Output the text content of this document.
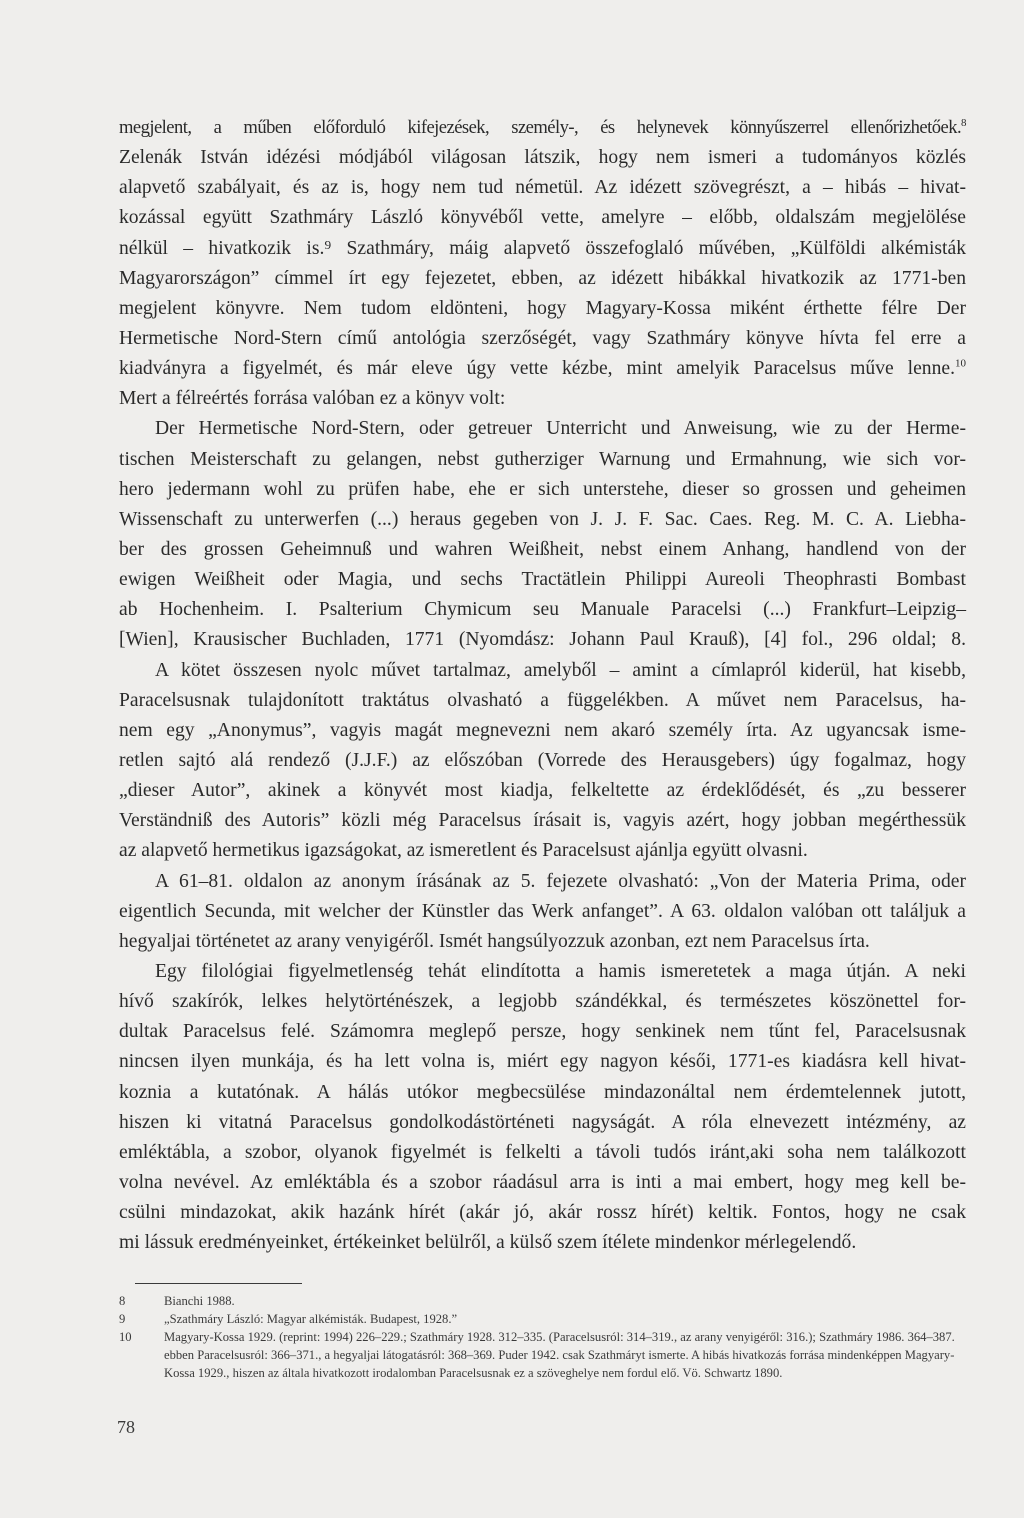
megjelent, a műben előforduló kifejezések, személy-, és helynevek könnyűszerrel ellenőrizhetőek.$^8$
Zelenák István idézési módjából világosan látszik, hogy nem ismeri a tudományos közlés
alapvető szabályait, és az is, hogy nem tud németül. Az idézett szövegrészt, a – hibás – hivat-
kozással együtt Szathmáry László könyvéből vette, amelyre – előbb, oldalszám megjelölése
nélkül – hivatkozik is.⁹ Szathmáry, máig alapvető összefoglaló művében, „Külföldi alkémisták
Magyarországon” címmel írt egy fejezetet, ebben, az idézett hibákkal hivatkozik az 1771-ben
megjelent könyvre. Nem tudom eldönteni, hogy Magyary-Kossa miként érthette félre Der
Hermetische Nord-Stern című antológia szerzőségét, vagy Szathmáry könyve hívta fel erre a
kiadványra a figyelmét, és már eleve úgy vette kézbe, mint amelyik Paracelsus műve lenne.$^{10}$
Mert a félreértés forrása valóban ez a könyv volt:
Der Hermetische Nord-Stern, oder getreuer Unterricht und Anweisung, wie zu der Herme-
tischen Meisterschaft zu gelangen, nebst gutherziger Warnung und Ermahnung, wie sich vor-
hero jedermann wohl zu prüfen habe, ehe er sich unterstehe, dieser so grossen und geheimen
Wissenschaft zu unterwerfen (...) heraus gegeben von J. J. F. Sac. Caes. Reg. M. C. A. Liebha-
ber des grossen Geheimnuß und wahren Weißheit, nebst einem Anhang, handlend von der
ewigen Weißheit oder Magia, und sechs Tractätlein Philippi Aureoli Theophrasti Bombast
ab Hochenheim. I. Psalterium Chymicum seu Manuale Paracelsi (...) Frankfurt–Leipzig–
[Wien], Krausischer Buchladen, 1771 (Nyomdász: Johann Paul Krauß), [4] fol., 296 oldal; 8.
A kötet összesen nyolc művet tartalmaz, amelyből – amint a címlapról kiderül, hat kisebb,
Paracelsusnak tulajdonított traktátus olvasható a függelékben. A művet nem Paracelsus, ha-
nem egy „Anonymus”, vagyis magát megnevezni nem akaró személy írta. Az ugyancsak isme-
retlen sajtó alá rendező (J.J.F.) az előszóban (Vorrede des Herausgebers) úgy fogalmaz, hogy
„dieser Autor”, akinek a könyvét most kiadja, felkeltette az érdeklődését, és „zu besserer
Verständniß des Autoris” közli még Paracelsus írásait is, vagyis azért, hogy jobban megérthessük
az alapvető hermetikus igazságokat, az ismeretlent és Paracelsust ajánlja együtt olvasni.
A 61–81. oldalon az anonym írásának az 5. fejezete olvasható: „Von der Materia Prima, oder
eigentlich Secunda, mit welcher der Künstler das Werk anfanget”. A 63. oldalon valóban ott találjuk a
hegyaljai történetet az arany venyigéről. Ismét hangsúlyozzuk azonban, ezt nem Paracelsus írta.
Egy filológiai figyelmetlenség tehát elindította a hamis ismeretetek a maga útján. A neki
hívő szakírók, lelkes helytörténészek, a legjobb szándékkal, és természetes köszönettel for-
dultak Paracelsus felé. Számomra meglepő persze, hogy senkinek nem tűnt fel, Paracelsusnak
nincsen ilyen munkája, és ha lett volna is, miért egy nagyon késői, 1771-es kiadásra kell hivat-
koznia a kutatónak. A hálás utókor megbecsülése mindazonáltal nem érdemtelennek jutott,
hiszen ki vitatná Paracelsus gondolkodástörténeti nagyságát. A róla elnevezett intézmény, az
emléktábla, a szobor, olyanok figyelmét is felkelti a távoli tudós iránt,aki soha nem találkozott
volna nevével. Az emléktábla és a szobor ráadásul arra is inti a mai embert, hogy meg kell be-
csülni mindazokat, akik hazánk hírét (akár jó, akár rossz hírét) keltik. Fontos, hogy ne csak
mi lássuk eredményeinket, értékeinket belülről, a külső szem ítélete mindenkor mérlegelendő.
8	Bianchi 1988.
9	„Szathmáry László: Magyar alkémisták. Budapest, 1928.”
10	Magyary-Kossa 1929. (reprint: 1994) 226–229.; Szathmáry 1928. 312–335. (Paracelsusról: 314–319., az arany venyigéről: 316.); Szathmáry 1986. 364–387. ebben Paracelsusról: 366–371., a hegyaljai látogatásról: 368–369. Puder 1942. csak Szathmáryt ismerte. A hibás hivatkozás forrása mindenképpen Magyary-Kossa 1929., hiszen az általa hivatkozott irodalomban Paracelsusnak ez a szöveghelye nem fordul elő. Vö. Schwartz 1890.
78
